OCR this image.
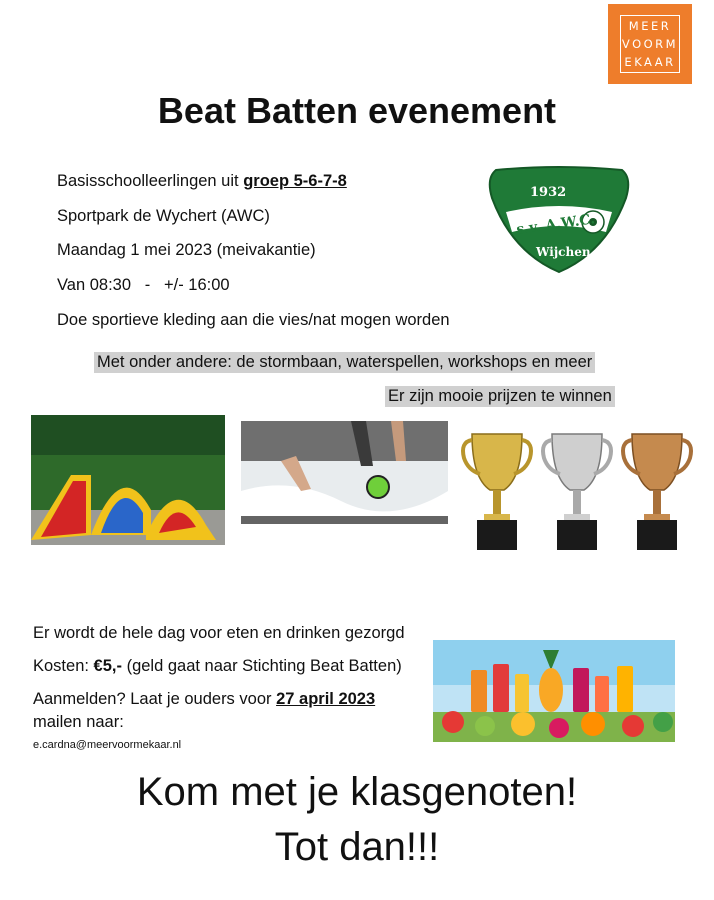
MEER
VOORM
EKAAR
Beat Batten evenement
Basisschoolleerlingen uit groep 5-6-7-8
Sportpark de Wychert (AWC)
Maandag 1 mei 2023 (meivakantie)
Van 08:30   -   +/- 16:00
Doe sportieve kleding aan die vies/nat mogen worden
1932
s.v. A.W.C.
Wijchen
Met onder andere: de stormbaan, waterspellen, workshops en meer
Er zijn mooie prijzen te winnen
Er wordt de hele dag voor eten en drinken gezorgd
Kosten: €5,- (geld gaat naar Stichting Beat Batten)
Aanmelden? Laat je ouders voor 27 april 2023
mailen naar:
e.cardna@meervoormekaar.nl
Kom met je klasgenoten!
Tot dan!!!
